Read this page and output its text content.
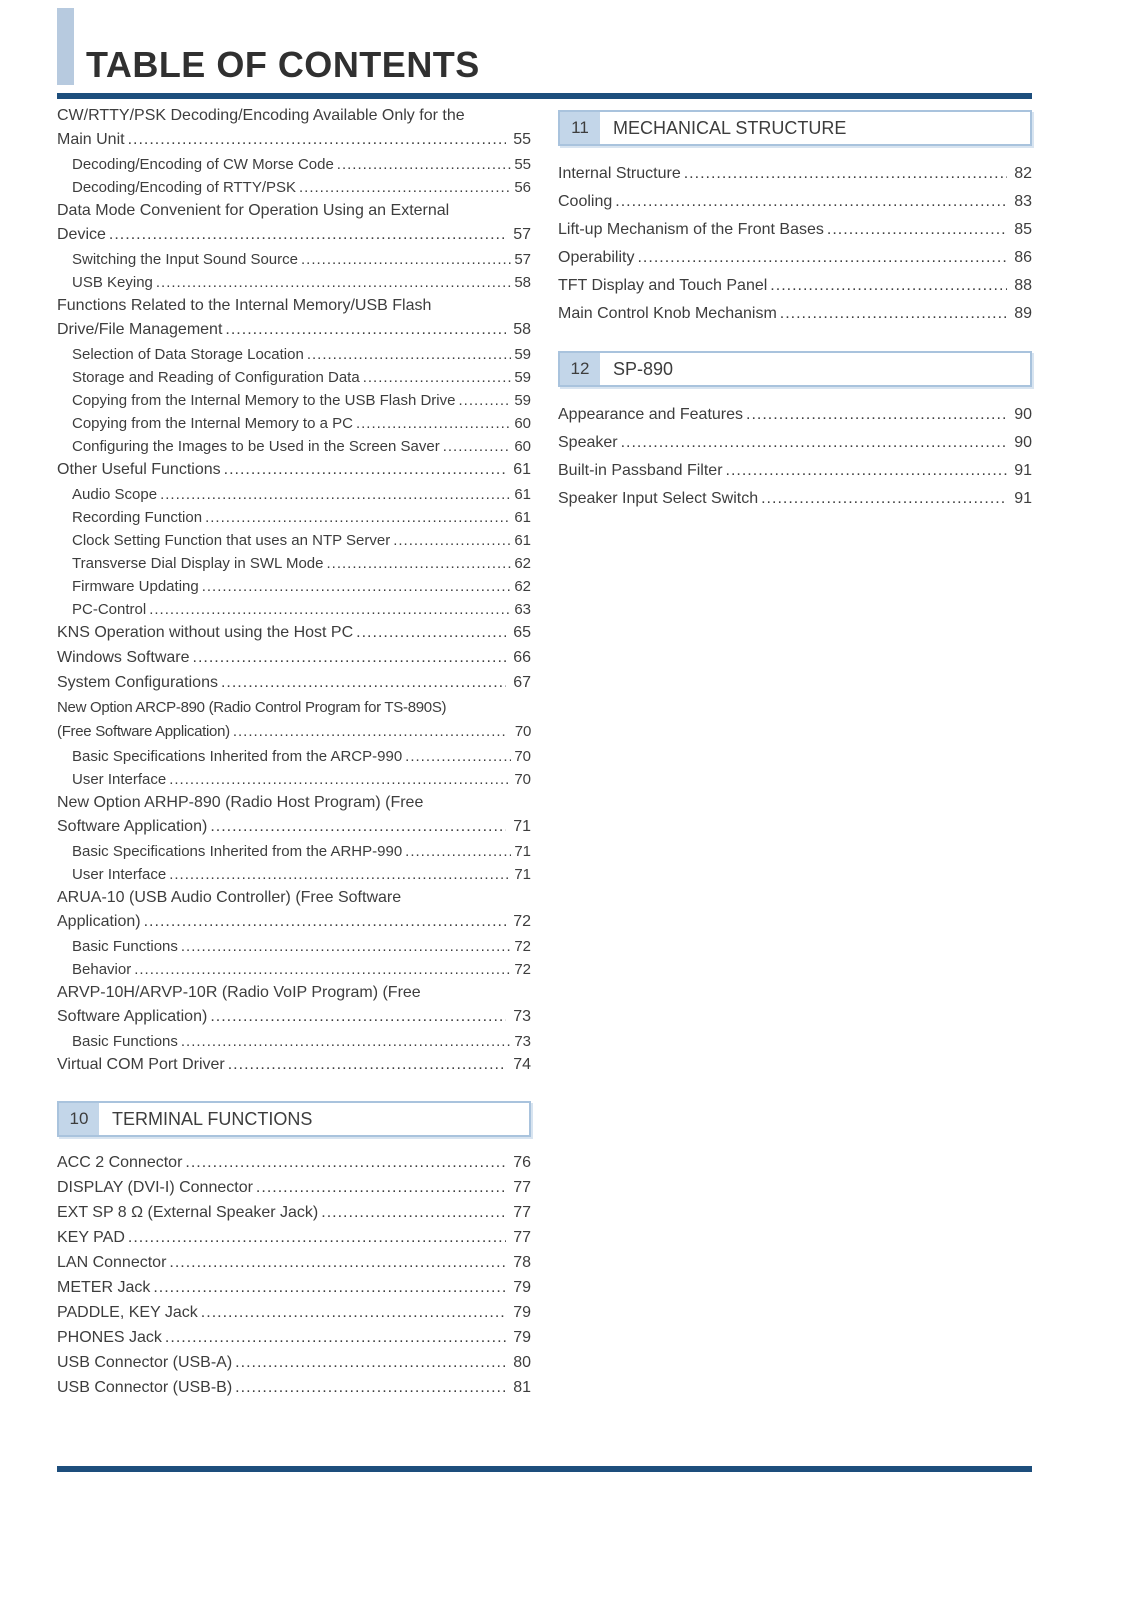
TABLE OF CONTENTS
CW/RTTY/PSK Decoding/Encoding Available Only for the
Main Unit .....	55
Decoding/Encoding of CW Morse Code .....	55
Decoding/Encoding of RTTY/PSK .....	56
Data Mode Convenient for Operation Using an External
Device .....	57
Switching the Input Sound Source .....	57
USB Keying .....	58
Functions Related to the Internal Memory/USB Flash
Drive/File Management .....	58
Selection of Data Storage Location .....	59
Storage and Reading of Configuration Data .....	59
Copying from the Internal Memory to the USB Flash Drive .....	59
Copying from the Internal Memory to a PC .....	60
Configuring the Images to be Used in the Screen Saver .....	60
Other Useful Functions .....	61
Audio Scope .....	61
Recording Function .....	61
Clock Setting Function that uses an NTP Server .....	61
Transverse Dial Display in SWL Mode .....	62
Firmware Updating .....	62
PC-Control .....	63
KNS Operation without using the Host PC .....	65
Windows Software .....	66
System Configurations .....	67
New Option ARCP-890 (Radio Control Program for TS-890S)
(Free Software Application) .....	70
Basic Specifications Inherited from the ARCP-990 .....	70
User Interface .....	70
New Option ARHP-890 (Radio Host Program) (Free
Software Application) .....	71
Basic Specifications Inherited from the ARHP-990 .....	71
User Interface .....	71
ARUA-10 (USB Audio Controller) (Free Software
Application) .....	72
Basic Functions .....	72
Behavior .....	72
ARVP-10H/ARVP-10R (Radio VoIP Program) (Free
Software Application) .....	73
Basic Functions .....	73
Virtual COM Port Driver .....	74
10	TERMINAL FUNCTIONS
ACC 2 Connector .....	76
DISPLAY (DVI-I) Connector .....	77
EXT SP 8 Ω (External Speaker Jack) .....	77
KEY PAD .....	77
LAN Connector .....	78
METER Jack .....	79
PADDLE, KEY Jack .....	79
PHONES Jack .....	79
USB Connector (USB-A) .....	80
USB Connector (USB-B) .....	81
11	MECHANICAL STRUCTURE
Internal Structure .....	82
Cooling .....	83
Lift-up Mechanism of the Front Bases .....	85
Operability .....	86
TFT Display and Touch Panel .....	88
Main Control Knob Mechanism .....	89
12	SP-890
Appearance and Features .....	90
Speaker .....	90
Built-in Passband Filter .....	91
Speaker Input Select Switch .....	91
